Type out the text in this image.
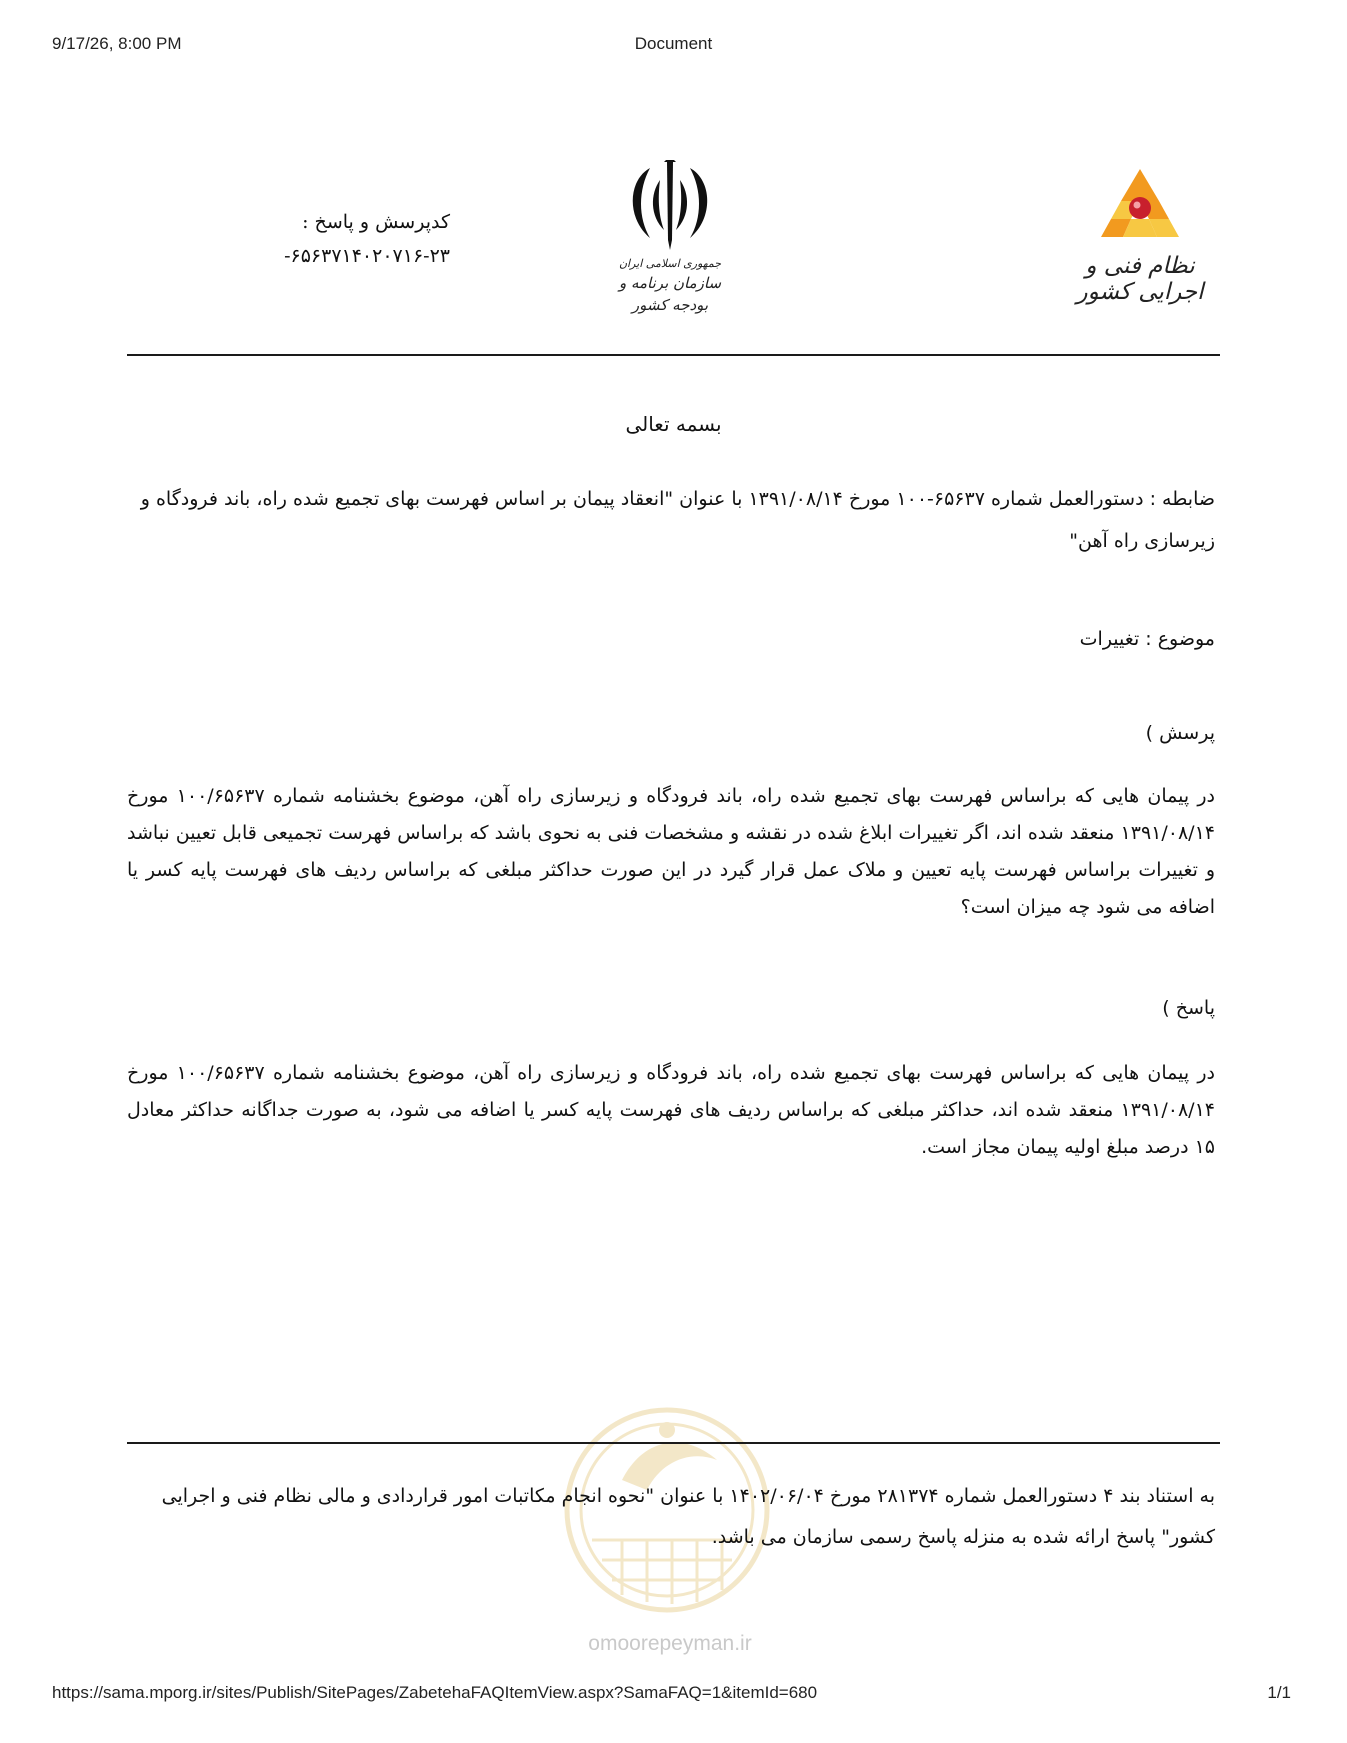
9/17/26, 8:00 PM	Document
کدپرسش و پاسخ :
-۶۵۶۳۷۱۴۰۲۰۷۱۶-۲۳	جمهوری اسلامی ایران
سازمان برنامه و بودجه کشور
نظام فنی و اجرایی کشور
بسمه تعالی
ضابطه : دستورالعمل شماره ۶۵۶۳۷-۱۰۰ مورخ ۱۳۹۱/۰۸/۱۴ با عنوان "انعقاد پیمان بر اساس فهرست بهای تجمیع شده راه، باند فرودگاه و زیرسازی راه آهن"
موضوع : تغییرات
پرسش )
در پیمان هایی که براساس فهرست بهای تجمیع شده راه، باند فرودگاه و زیرسازی راه آهن، موضوع بخشنامه شماره ۱۰۰/۶۵۶۳۷ مورخ ۱۳۹۱/۰۸/۱۴ منعقد شده اند، اگر تغییرات ابلاغ شده در نقشه و مشخصات فنی به نحوی باشد که براساس فهرست تجمیعی قابل تعیین نباشد و تغییرات براساس فهرست پایه تعیین و ملاک عمل قرار گیرد در این صورت حداکثر مبلغی که براساس ردیف های فهرست پایه کسر یا اضافه می شود چه میزان است؟
پاسخ )
در پیمان هایی که براساس فهرست بهای تجمیع شده راه، باند فرودگاه و زیرسازی راه آهن، موضوع بخشنامه شماره ۱۰۰/۶۵۶۳۷ مورخ ۱۳۹۱/۰۸/۱۴ منعقد شده اند، حداکثر مبلغی که براساس ردیف های فهرست پایه کسر یا اضافه می شود، به صورت جداگانه حداکثر معادل ۱۵ درصد مبلغ اولیه پیمان مجاز است.
به استناد بند ۴ دستورالعمل شماره ۲۸۱۳۷۴ مورخ ۱۴۰۲/۰۶/۰۴ با عنوان "نحوه انجام مکاتبات امور قراردادی و مالی نظام فنی و اجرایی کشور" پاسخ ارائه شده به منزله پاسخ رسمی سازمان می باشد.
omoorepeyman.ir
https://sama.mporg.ir/sites/Publish/SitePages/ZabetehaFAQItemView.aspx?SamaFAQ=1&itemId=680	1/1
